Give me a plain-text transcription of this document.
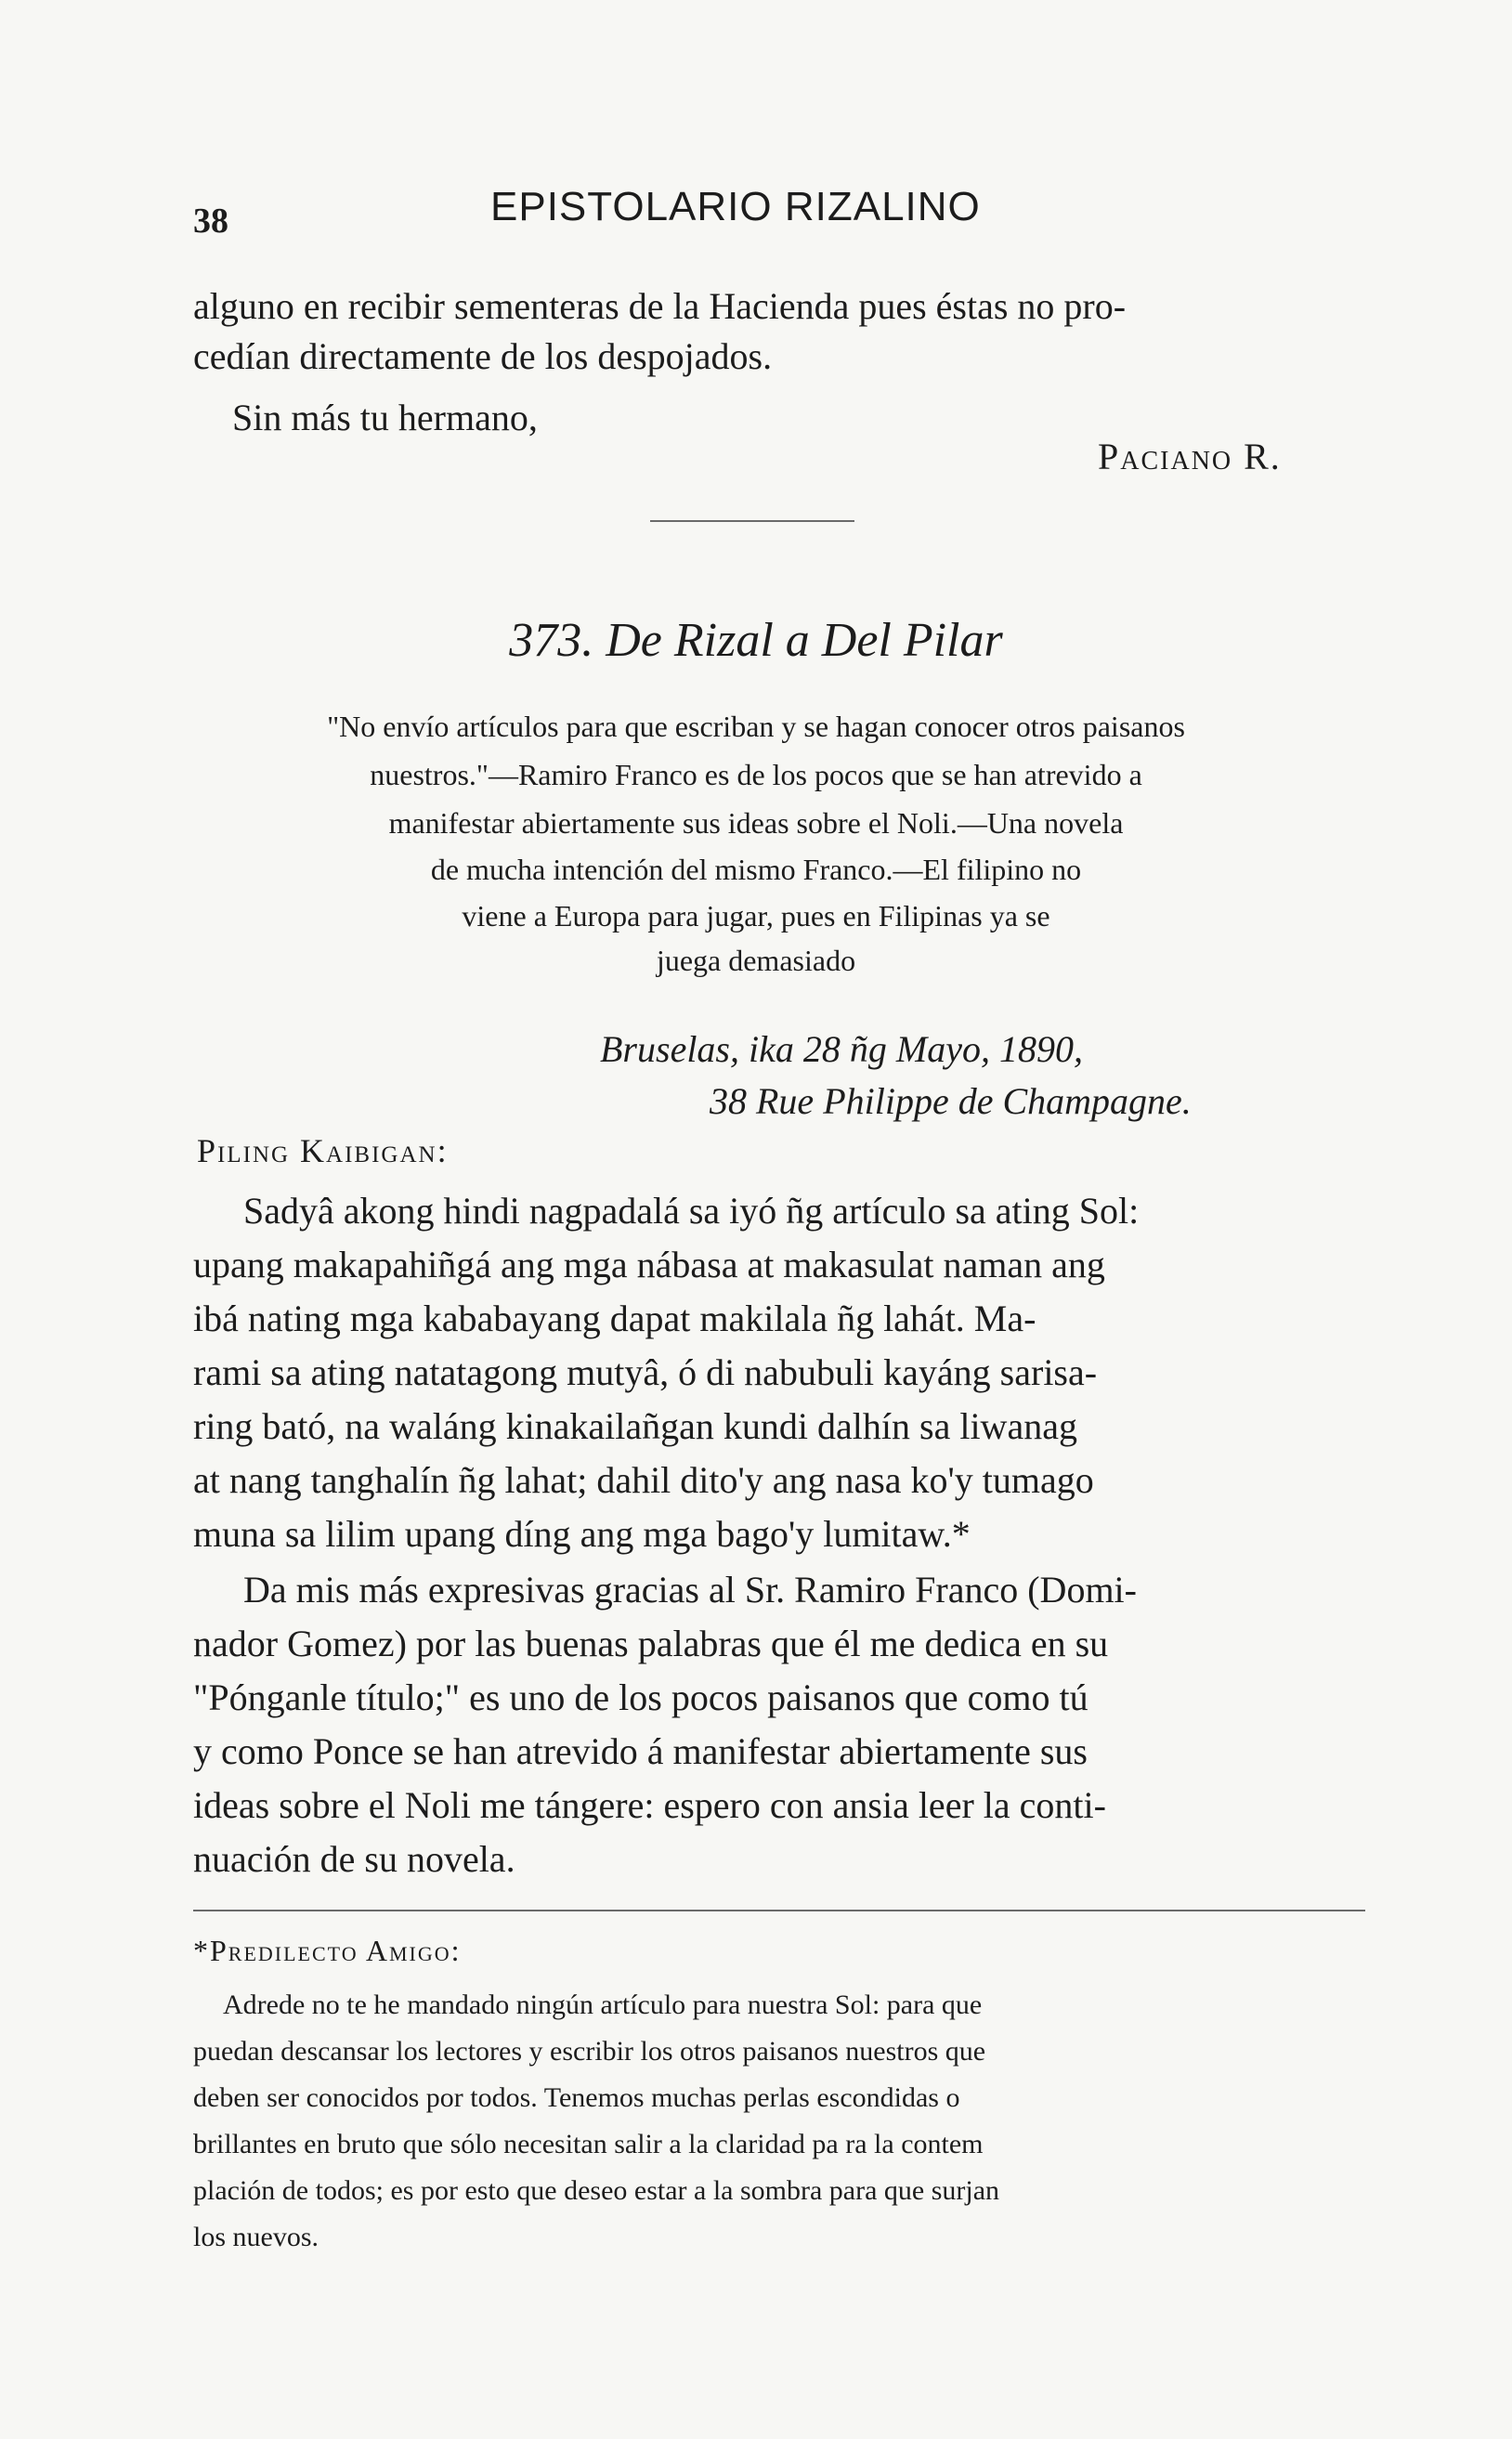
38	EPISTOLARIO RIZALINO
alguno en recibir sementeras de la Hacienda pues éstas no pro-
cedían directamente de los despojados.
Sin más tu hermano,
Paciano R.
373. De Rizal a Del Pilar
"No envío artículos para que escriban y se hagan conocer otros paisanos
nuestros."—Ramiro Franco es de los pocos que se han atrevido a
manifestar abiertamente sus ideas sobre el Noli.—Una novela
de mucha intención del mismo Franco.—El filipino no
viene a Europa para jugar, pues en Filipinas ya se
juega demasiado
Bruselas, ika 28 ñg Mayo, 1890,
38 Rue Philippe de Champagne.
Piling Kaibigan:
Sadyâ akong hindi nagpadalá sa iyó ñg artículo sa ating Sol:
upang makapahiñgá ang mga nábasa at makasulat naman ang
ibá nating mga kababayang dapat makilala ñg lahát. Ma-
rami sa ating natatagong mutyâ, ó di nabubuli kayáng sarisa-
ring bató, na waláng kinakailañgan kundi dalhín sa liwanag
at nang tanghalín ñg lahat; dahil dito'y ang nasa ko'y tumago
muna sa lilim upang díng ang mga bago'y lumitaw.*
Da mis más expresivas gracias al Sr. Ramiro Franco (Domi-
nador Gomez) por las buenas palabras que él me dedica en su
"Pónganle título;" es uno de los pocos paisanos que como tú
y como Ponce se han atrevido á manifestar abiertamente sus
ideas sobre el Noli me tángere: espero con ansia leer la conti-
nuación de su novela.
*Predilecto Amigo:
Adrede no te he mandado ningún artículo para nuestra Sol: para que
puedan descansar los lectores y escribir los otros paisanos nuestros que
deben ser conocidos por todos. Tenemos muchas perlas escondidas o
brillantes en bruto que sólo necesitan salir a la claridad pa ra la contem
plación de todos; es por esto que deseo estar a la sombra para que surjan
los nuevos.
